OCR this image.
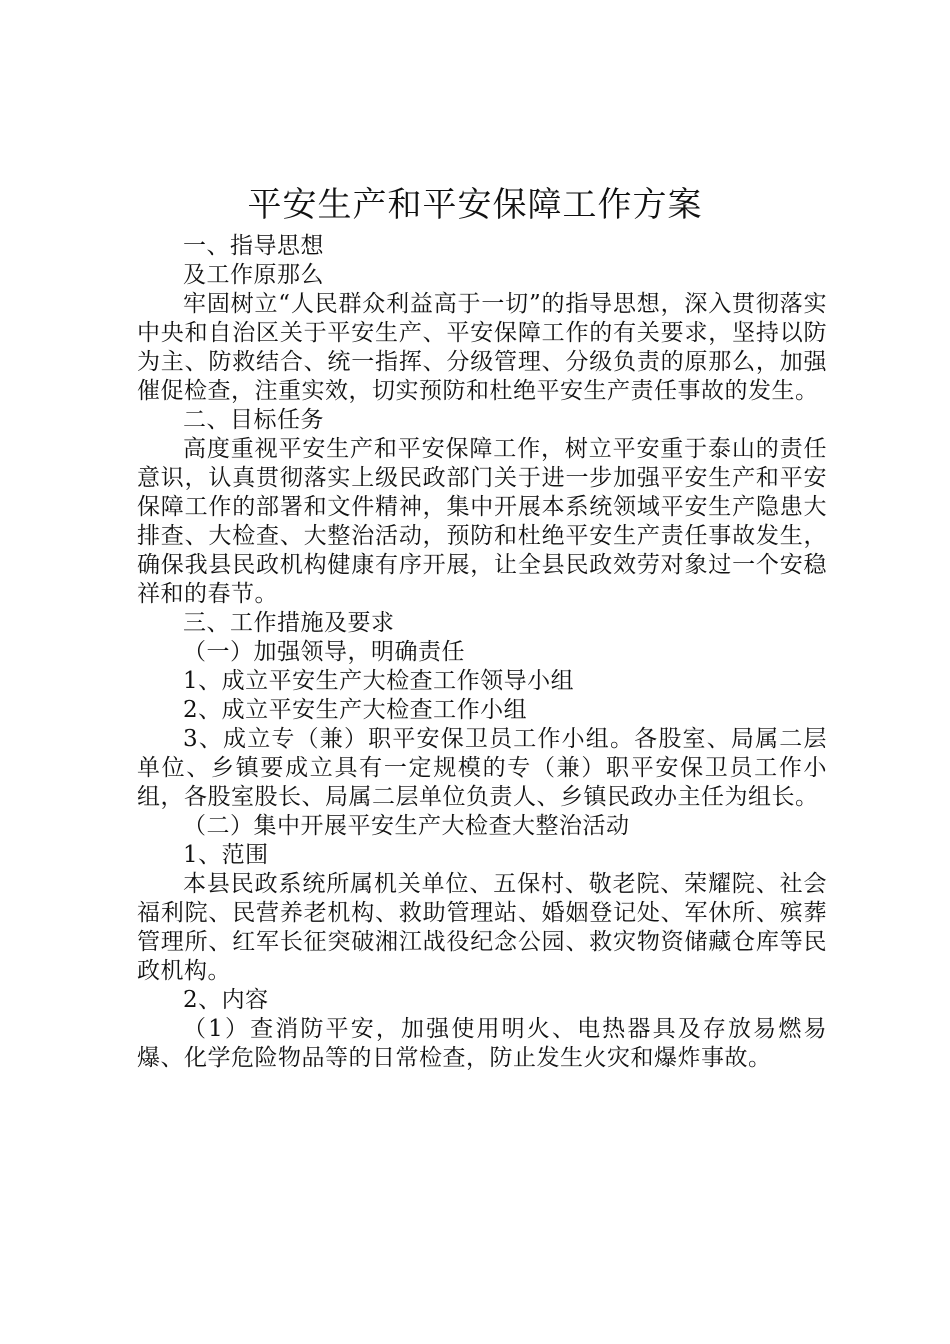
平安生产和平安保障工作方案

一、指导思想

及工作原那么

牢固树立“人民群众利益高于一切”的指导思想，深入贯彻落实中央和自治区关于平安生产、平安保障工作的有关要求，坚持以防为主、防救结合、统一指挥、分级管理、分级负责的原那么，加强催促检查，注重实效，切实预防和杜绝平安生产责任事故的发生。

二、目标任务

高度重视平安生产和平安保障工作，树立平安重于泰山的责任意识，认真贯彻落实上级民政部门关于进一步加强平安生产和平安保障工作的部署和文件精神，集中开展本系统领域平安生产隐患大排查、大检查、大整治活动，预防和杜绝平安生产责任事故发生，确保我县民政机构健康有序开展，让全县民政效劳对象过一个安稳祥和的春节。

三、工作措施及要求

（一）加强领导，明确责任

1、成立平安生产大检查工作领导小组

2、成立平安生产大检查工作小组

3、成立专（兼）职平安保卫员工作小组。各股室、局属二层单位、乡镇要成立具有一定规模的专（兼）职平安保卫员工作小组，各股室股长、局属二层单位负责人、乡镇民政办主任为组长。

（二）集中开展平安生产大检查大整治活动

1、范围

本县民政系统所属机关单位、五保村、敬老院、荣耀院、社会福利院、民营养老机构、救助管理站、婚姻登记处、军休所、殡葬管理所、红军长征突破湘江战役纪念公园、救灾物资储藏仓库等民政机构。

2、内容

（1）查消防平安，加强使用明火、电热器具及存放易燃易爆、化学危险物品等的日常检查，防止发生火灾和爆炸事故。
